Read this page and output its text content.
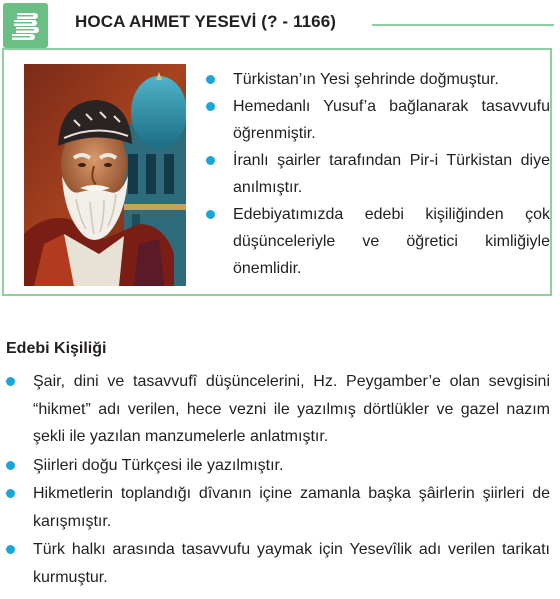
HOCA AHMET YESEVİ (? - 1166)
Türkistan’ın Yesi şehrinde doğmuştur.
Hemedanlı Yusuf’a bağlanarak tasavvufu öğrenmiştir.
İranlı şairler tarafından Pir-i Türkistan diye anılmıştır.
Edebiyatımızda edebi kişiliğinden çok düşünceleriyle ve öğretici kimliğiyle önemlidir.
Edebi Kişiliği
Şair, dini ve tasavvufî düşüncelerini, Hz. Peygamber’e olan sevgisini “hikmet” adı verilen, hece vezni ile yazılmış dörtlükler ve gazel nazım şekli ile yazılan manzumelerle anlatmıştır.
Şiirleri doğu Türkçesi ile yazılmıştır.
Hikmetlerin toplandığı dîvanın içine zamanla başka şâirlerin şiirleri de karışmıştır.
Türk halkı arasında tasavvufu yaymak için Yesevîlik adı verilen tarikatı kurmuştur.
